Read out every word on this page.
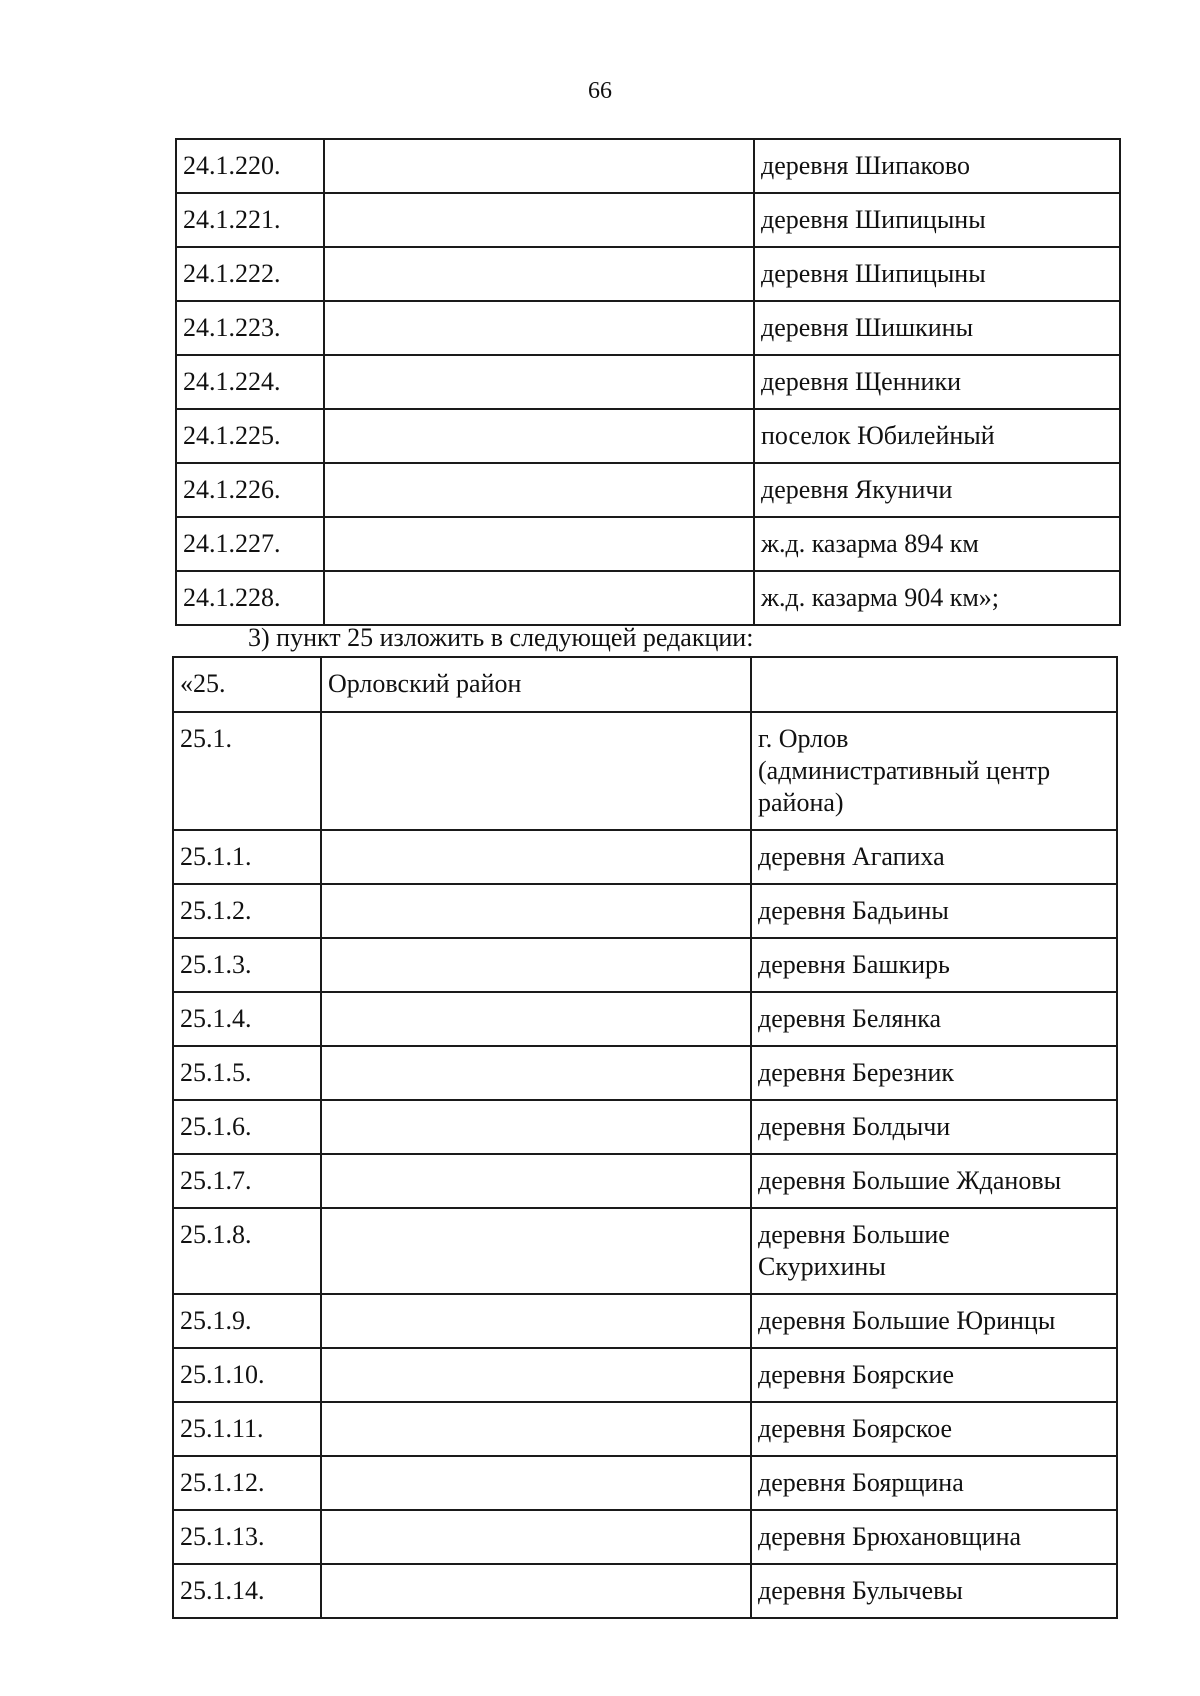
66
24.1.220.		деревня Шипаково
24.1.221.		деревня Шипицыны
24.1.222.		деревня Шипицыны
24.1.223.		деревня Шишкины
24.1.224.		деревня Щенники
24.1.225.		поселок Юбилейный
24.1.226.		деревня Якуничи
24.1.227.		ж.д. казарма 894 км
24.1.228.		ж.д. казарма 904 км»;
3) пункт 25 изложить в следующей редакции:
«25.	Орловский район	
25.1.		г. Орлов
(административный центр
района)
25.1.1.		деревня Агапиха
25.1.2.		деревня Бадьины
25.1.3.		деревня Башкирь
25.1.4.		деревня Белянка
25.1.5.		деревня Березник
25.1.6.		деревня Болдычи
25.1.7.		деревня Большие Ждановы
25.1.8.		деревня Большие
Скурихины
25.1.9.		деревня Большие Юринцы
25.1.10.		деревня Боярские
25.1.11.		деревня Боярское
25.1.12.		деревня Боярщина
25.1.13.		деревня Брюхановщина
25.1.14.		деревня Булычевы
